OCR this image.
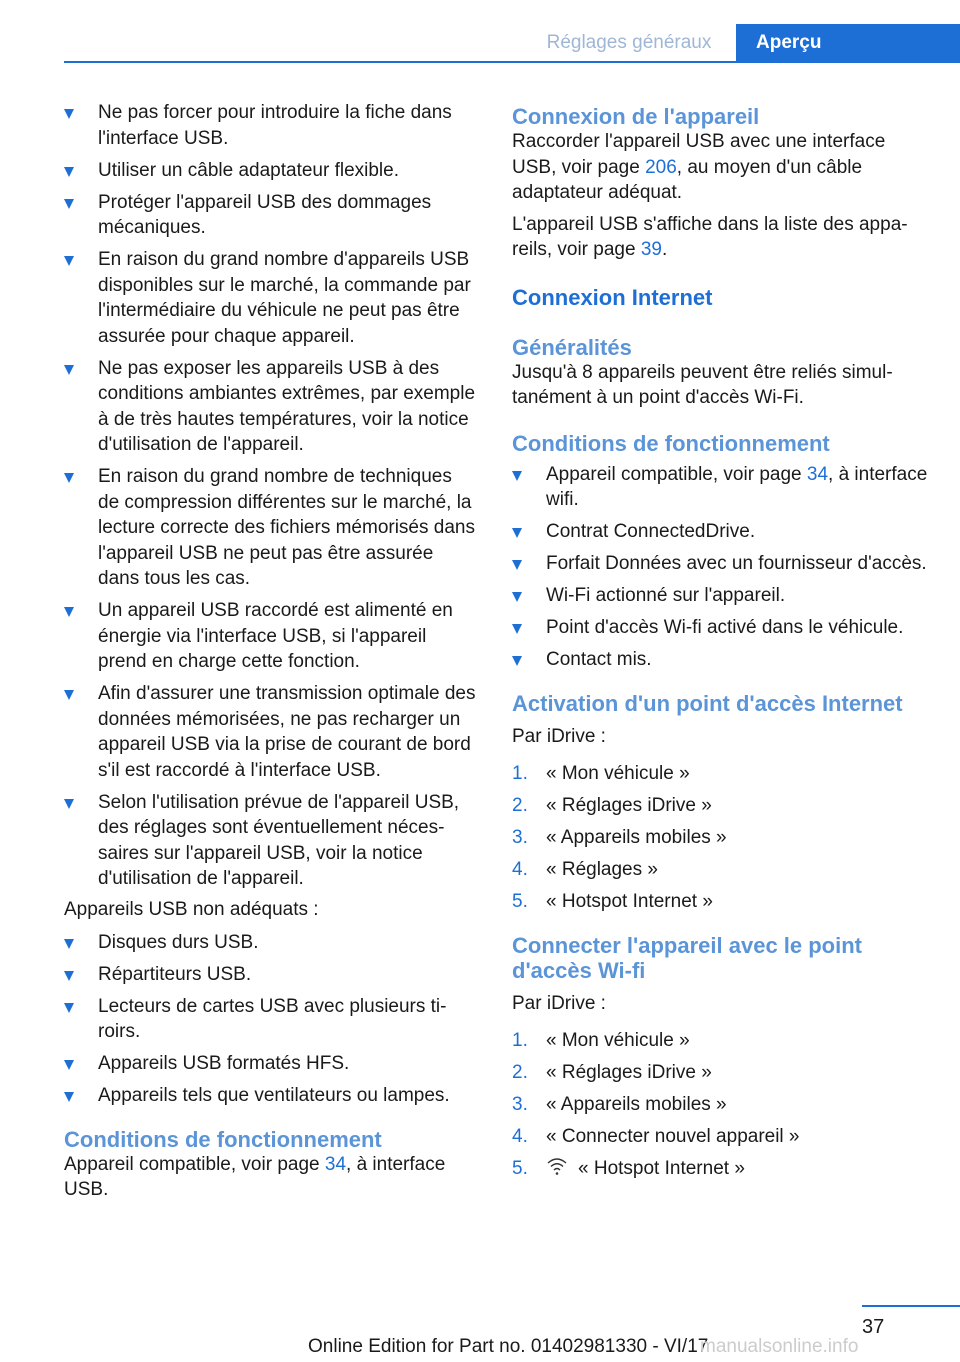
Réglages généraux	Aperçu
Ne pas forcer pour introduire la fiche dans l'interface USB.
Utiliser un câble adaptateur flexible.
Protéger l'appareil USB des dommages mécaniques.
En raison du grand nombre d'appareils USB disponibles sur le marché, la commande par l'intermédiaire du véhicule ne peut pas être assurée pour chaque appareil.
Ne pas exposer les appareils USB à des conditions ambiantes extrêmes, par exemple à de très hautes températures, voir la notice d'utilisation de l'appareil.
En raison du grand nombre de techniques de compression différentes sur le marché, la lecture correcte des fichiers mémorisés dans l'appareil USB ne peut pas être assurée dans tous les cas.
Un appareil USB raccordé est alimenté en énergie via l'interface USB, si l'appareil prend en charge cette fonction.
Afin d'assurer une transmission optimale des données mémorisées, ne pas recharger un appareil USB via la prise de courant de bord s'il est raccordé à l'interface USB.
Selon l'utilisation prévue de l'appareil USB, des réglages sont éventuellement nécessaires sur l'appareil USB, voir la notice d'utilisation de l'appareil.

Appareils USB non adéquats :

Disques durs USB.
Répartiteurs USB.
Lecteurs de cartes USB avec plusieurs tiroirs.
Appareils USB formatés HFS.
Appareils tels que ventilateurs ou lampes.
Conditions de fonctionnement

Appareil compatible, voir page 34, à interface USB.

Connexion de l'appareil

Raccorder l'appareil USB avec une interface USB, voir page 206, au moyen d'un câble adaptateur adéquat.

L'appareil USB s'affiche dans la liste des appareils, voir page 39.

Connexion Internet
Généralités

Jusqu'à 8 appareils peuvent être reliés simultanément à un point d'accès Wi-Fi.

Conditions de fonctionnement
Appareil compatible, voir page 34, à interface wifi.
Contrat ConnectedDrive.
Forfait Données avec un fournisseur d'accès.
Wi-Fi actionné sur l'appareil.
Point d'accès Wi-fi activé dans le véhicule.
Contact mis.
Activation d'un point d'accès Internet

Par iDrive :

1. « Mon véhicule »
2. « Réglages iDrive »
3. « Appareils mobiles »
4. « Réglages »
5. « Hotspot Internet »
Connecter l'appareil avec le point d'accès Wi-fi

Par iDrive :

1. « Mon véhicule »
2. « Réglages iDrive »
3. « Appareils mobiles »
4. « Connecter nouvel appareil »
5.	« Hotspot Internet »
37
Online Edition for Part no. 01402981330 - VI/17
manualsonline.info
